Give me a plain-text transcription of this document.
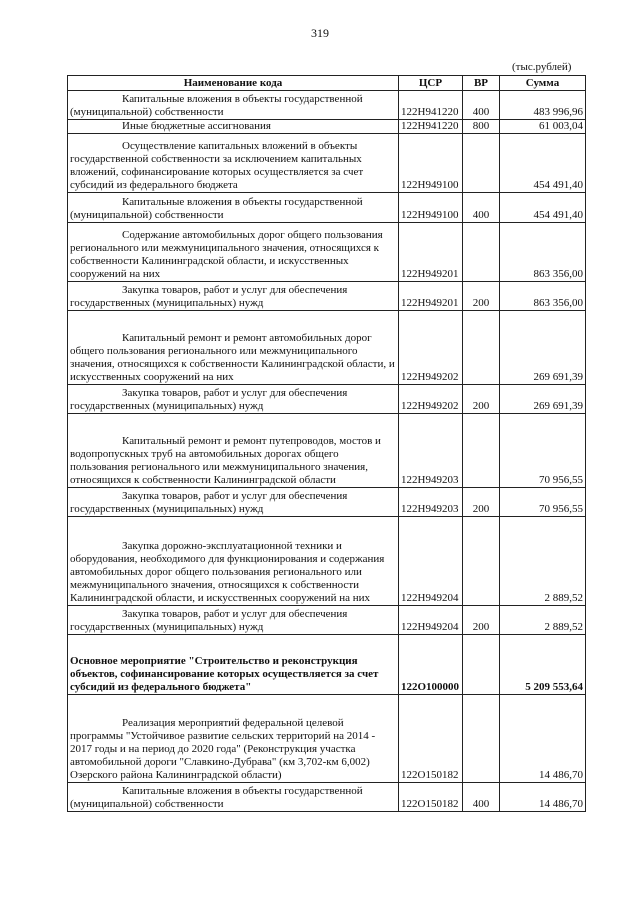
319
(тыс.рублей)
Наименование кода	ЦСР	ВР	Сумма
Капитальные вложения в объекты государственной (муниципальной) собственности	122Н941220	400	483 996,96
Иные бюджетные ассигнования	122Н941220	800	61 003,04
Осуществление капитальных вложений в объекты государственной собственности за исключением капитальных вложений, софинансирование которых осуществляется за счет субсидий из федерального бюджета	122Н949100		454 491,40
Капитальные вложения в объекты государственной (муниципальной) собственности	122Н949100	400	454 491,40
Содержание автомобильных дорог общего пользования регионального или межмуниципального значения, относящихся к собственности Калининградской области, и искусственных сооружений на них	122Н949201		863 356,00
Закупка товаров, работ и услуг для обеспечения государственных (муниципальных) нужд	122Н949201	200	863 356,00
Капитальный ремонт и ремонт автомобильных дорог общего пользования регионального или межмуниципального значения, относящихся к собственности Калининградской области, и искусственных сооружений на них	122Н949202		269 691,39
Закупка товаров, работ и услуг для обеспечения государственных (муниципальных) нужд	122Н949202	200	269 691,39
Капитальный ремонт и ремонт путепроводов, мостов и водопропускных труб на автомобильных дорогах общего пользования регионального или межмуниципального значения, относящихся к собственности Калининградской области	122Н949203		70 956,55
Закупка товаров, работ и услуг для обеспечения государственных (муниципальных) нужд	122Н949203	200	70 956,55
Закупка дорожно-эксплуатационной техники и оборудования, необходимого для функционирования и содержания автомобильных дорог общего пользования регионального или межмуниципального значения, относящихся к собственности Калининградской области, и искусственных сооружений на них	122Н949204		2 889,52
Закупка товаров, работ и услуг для обеспечения государственных (муниципальных) нужд	122Н949204	200	2 889,52
Основное мероприятие "Строительство и реконструкция объектов, софинансирование которых осуществляется за счет субсидий из федерального бюджета"	122О100000		5 209 553,64
Реализация мероприятий федеральной целевой программы "Устойчивое развитие сельских территорий на 2014 - 2017 годы и на период до 2020 года" (Реконструкция участка автомобильной дороги "Славкино-Дубрава" (км 3,702-км 6,002) Озерского района Калининградской области)	122О150182		14 486,70
Капитальные вложения в объекты государственной (муниципальной) собственности	122О150182	400	14 486,70
